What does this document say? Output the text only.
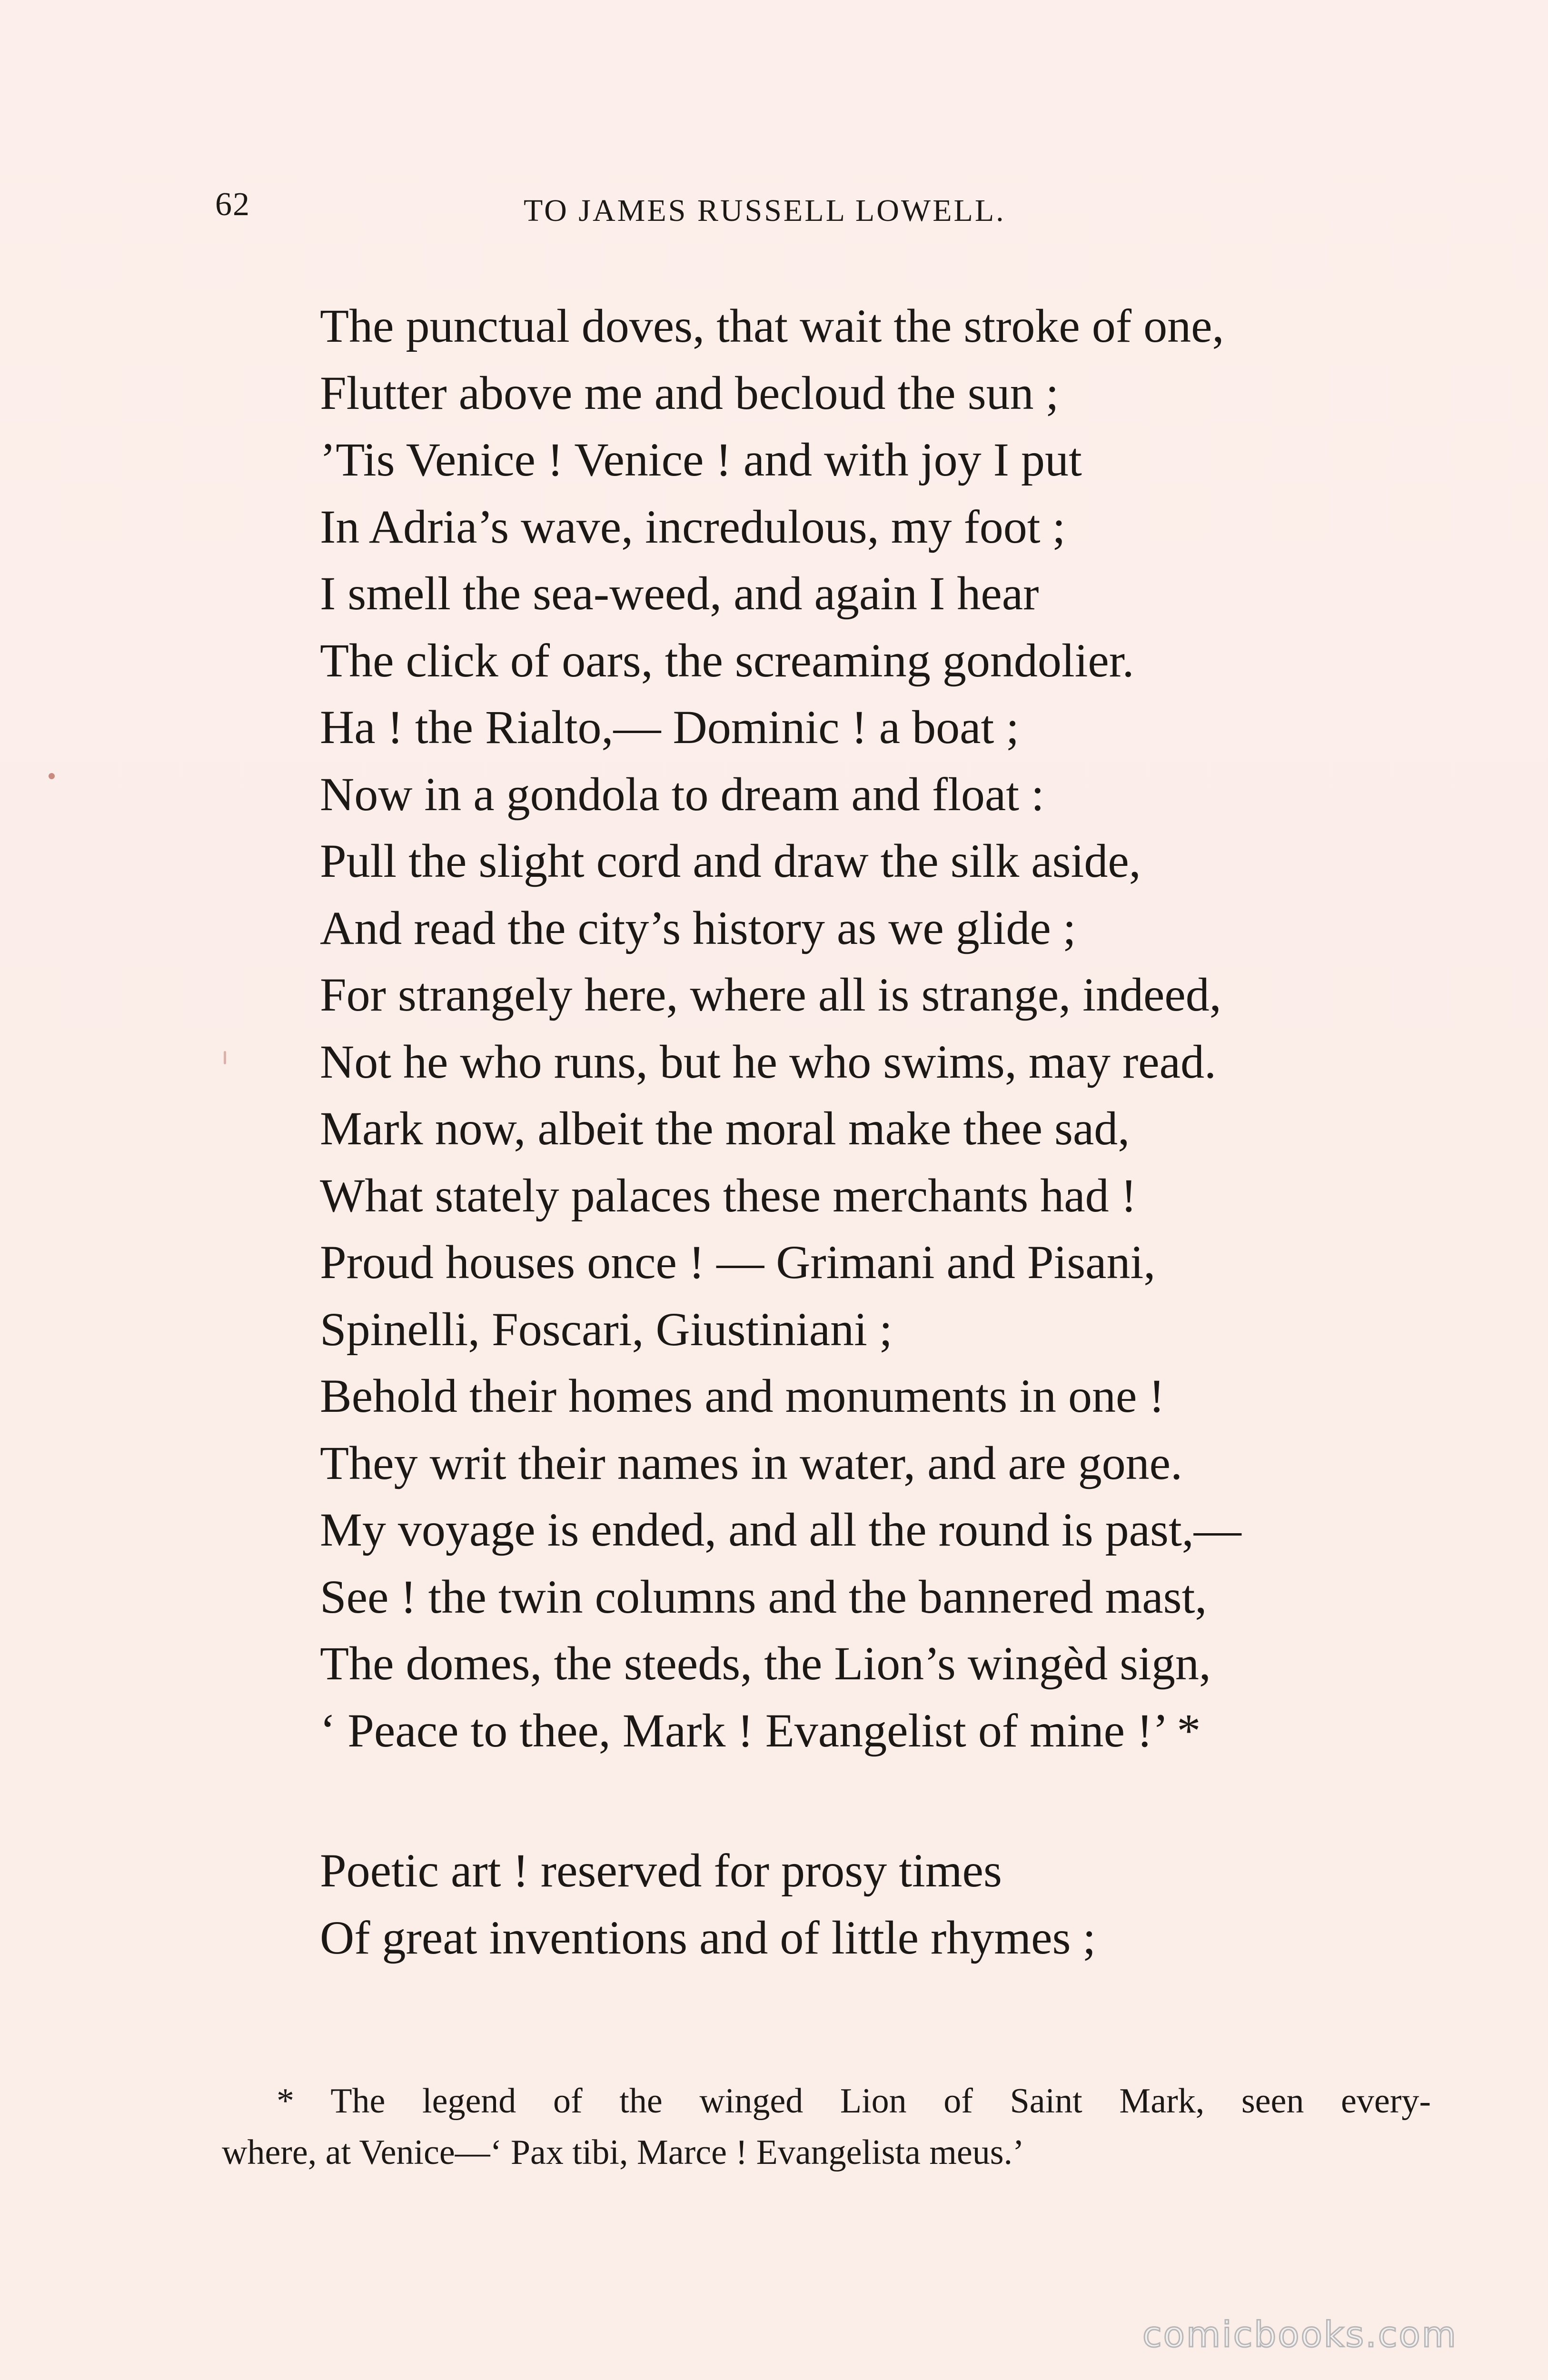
62	TO JAMES RUSSELL LOWELL.
The punctual doves, that wait the stroke of one,
Flutter above me and becloud the sun ;
’Tis Venice ! Venice ! and with joy I put
In Adria’s wave, incredulous, my foot ;
I smell the sea-weed, and again I hear
The click of oars, the screaming gondolier.
Ha ! the Rialto,— Dominic ! a boat ;
Now in a gondola to dream and float :
Pull the slight cord and draw the silk aside,
And read the city’s history as we glide ;
For strangely here, where all is strange, indeed,
Not he who runs, but he who swims, may read.
Mark now, albeit the moral make thee sad,
What stately palaces these merchants had !
Proud houses once ! — Grimani and Pisani,
Spinelli, Foscari, Giustiniani ;
Behold their homes and monuments in one !
They writ their names in water, and are gone.
My voyage is ended, and all the round is past,—
See ! the twin columns and the bannered mast,
The domes, the steeds, the Lion’s wingèd sign,
‘ Peace to thee, Mark ! Evangelist of mine !’ *
Poetic art ! reserved for prosy times
Of great inventions and of little rhymes ;
* The legend of the winged Lion of Saint Mark, seen every-
where, at Venice—‘ Pax tibi, Marce ! Evangelista meus.’
comicbooks.com
